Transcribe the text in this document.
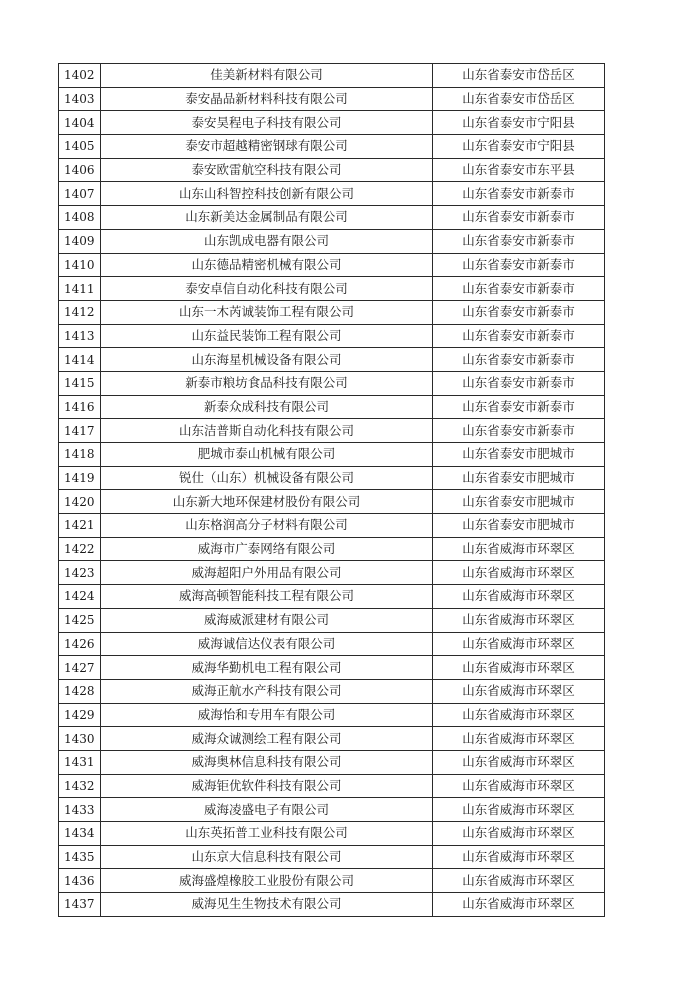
1402	佳美新材料有限公司	山东省泰安市岱岳区
1403	泰安晶品新材料科技有限公司	山东省泰安市岱岳区
1404	泰安昊程电子科技有限公司	山东省泰安市宁阳县
1405	泰安市超越精密钢球有限公司	山东省泰安市宁阳县
1406	泰安欧雷航空科技有限公司	山东省泰安市东平县
1407	山东山科智控科技创新有限公司	山东省泰安市新泰市
1408	山东新美达金属制品有限公司	山东省泰安市新泰市
1409	山东凯成电器有限公司	山东省泰安市新泰市
1410	山东德品精密机械有限公司	山东省泰安市新泰市
1411	泰安卓信自动化科技有限公司	山东省泰安市新泰市
1412	山东一木芮诚装饰工程有限公司	山东省泰安市新泰市
1413	山东益民装饰工程有限公司	山东省泰安市新泰市
1414	山东海星机械设备有限公司	山东省泰安市新泰市
1415	新泰市粮坊食品科技有限公司	山东省泰安市新泰市
1416	新泰众成科技有限公司	山东省泰安市新泰市
1417	山东洁普斯自动化科技有限公司	山东省泰安市新泰市
1418	肥城市泰山机械有限公司	山东省泰安市肥城市
1419	锐仕（山东）机械设备有限公司	山东省泰安市肥城市
1420	山东新大地环保建材股份有限公司	山东省泰安市肥城市
1421	山东格润高分子材料有限公司	山东省泰安市肥城市
1422	威海市广泰网络有限公司	山东省威海市环翠区
1423	威海超阳户外用品有限公司	山东省威海市环翠区
1424	威海高顿智能科技工程有限公司	山东省威海市环翠区
1425	威海威派建材有限公司	山东省威海市环翠区
1426	威海诚信达仪表有限公司	山东省威海市环翠区
1427	威海华勤机电工程有限公司	山东省威海市环翠区
1428	威海正航水产科技有限公司	山东省威海市环翠区
1429	威海怡和专用车有限公司	山东省威海市环翠区
1430	威海众诚测绘工程有限公司	山东省威海市环翠区
1431	威海奥林信息科技有限公司	山东省威海市环翠区
1432	威海钜优软件科技有限公司	山东省威海市环翠区
1433	威海凌盛电子有限公司	山东省威海市环翠区
1434	山东英拓普工业科技有限公司	山东省威海市环翠区
1435	山东京大信息科技有限公司	山东省威海市环翠区
1436	威海盛煌橡胶工业股份有限公司	山东省威海市环翠区
1437	威海见生生物技术有限公司	山东省威海市环翠区
